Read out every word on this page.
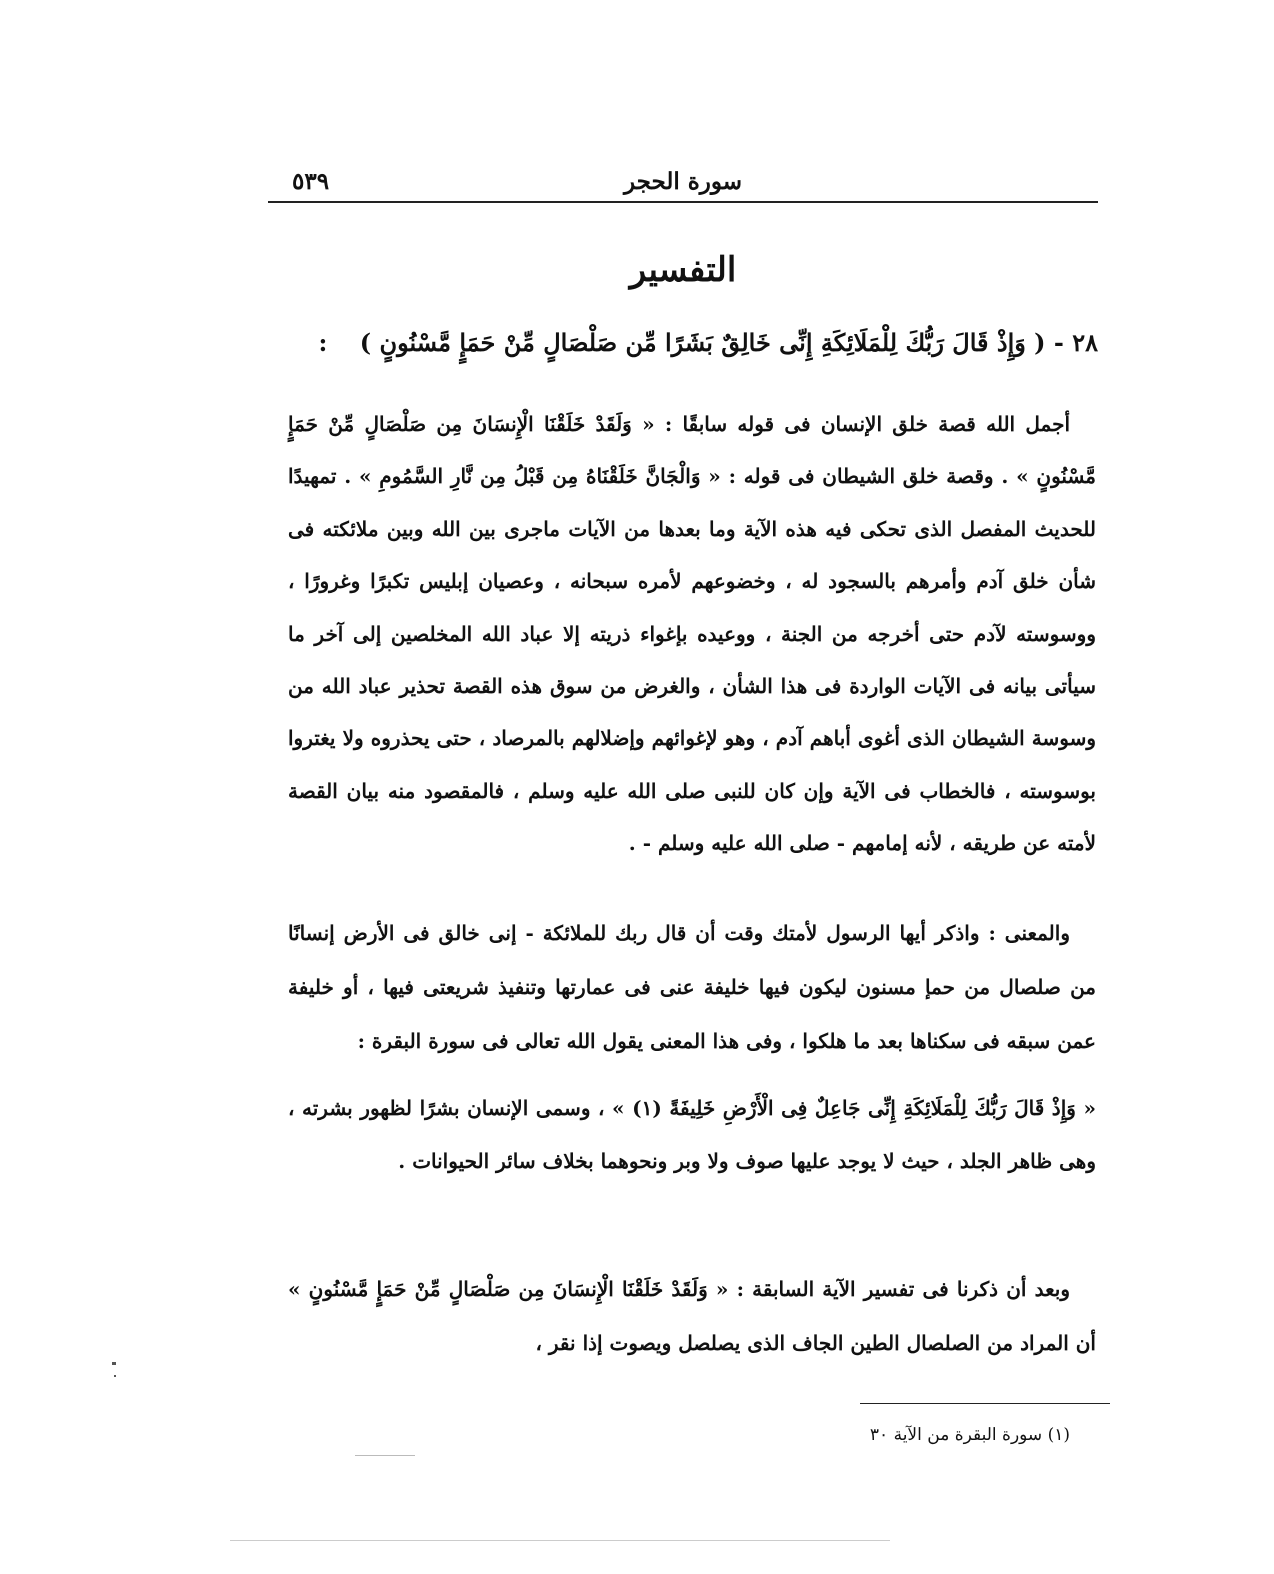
سورة الحجر
٥٣٩
التفسير
٢٨ - ( وَإِذْ قَالَ رَبُّكَ لِلْمَلَائِكَةِ إِنِّى خَالِقٌ بَشَرًا مِّن صَلْصَالٍ مِّنْ حَمَإٍ مَّسْنُونٍ ) :

أجمل الله قصة خلق الإنسان فى قوله سابقًا : « وَلَقَدْ خَلَقْنَا الْإِنسَانَ مِن صَلْصَالٍ مِّنْ حَمَإٍ مَّسْنُونٍ » . وقصة خلق الشيطان فى قوله : « وَالْجَانَّ خَلَقْنَاهُ مِن قَبْلُ مِن نَّارِ السَّمُومِ » . تمهيدًا للحديث المفصل الذى تحكى فيه هذه الآية وما بعدها من الآيات ماجرى بين الله وبين ملائكته فى شأن خلق آدم وأمرهم بالسجود له ، وخضوعهم لأمره سبحانه ، وعصيان إبليس تكبرًا وغرورًا ، ووسوسته لآدم حتى أخرجه من الجنة ، ووعيده بإغواء ذريته إلا عباد الله المخلصين إلى آخر ما سيأتى بيانه فى الآيات الواردة فى هذا الشأن ، والغرض من سوق هذه القصة تحذير عباد الله من وسوسة الشيطان الذى أغوى أباهم آدم ، وهو لإغوائهم وإضلالهم بالمرصاد ، حتى يحذروه ولا يغتروا بوسوسته ، فالخطاب فى الآية وإن كان للنبى صلى الله عليه وسلم ، فالمقصود منه بيان القصة لأمته عن طريقه ، لأنه إمامهم - صلى الله عليه وسلم - .

والمعنى : واذكر أيها الرسول لأمتك وقت أن قال ربك للملائكة - إنى خالق فى الأرض إنسانًا من صلصال من حمإ مسنون ليكون فيها خليفة عنى فى عمارتها وتنفيذ شريعتى فيها ، أو خليفة عمن سبقه فى سكناها بعد ما هلكوا ، وفى هذا المعنى يقول الله تعالى فى سورة البقرة :

« وَإِذْ قَالَ رَبُّكَ لِلْمَلَائِكَةِ إِنِّى جَاعِلٌ فِى الْأَرْضِ خَلِيفَةً (١) » ، وسمى الإنسان بشرًا لظهور بشرته ، وهى ظاهر الجلد ، حيث لا يوجد عليها صوف ولا وبر ونحوهما بخلاف سائر الحيوانات .

وبعد أن ذكرنا فى تفسير الآية السابقة : « وَلَقَدْ خَلَقْنَا الْإِنسَانَ مِن صَلْصَالٍ مِّنْ حَمَإٍ مَّسْنُونٍ » أن المراد من الصلصال الطين الجاف الذى يصلصل ويصوت إذا نقر ،

(١) سورة البقرة من الآية ٣٠
